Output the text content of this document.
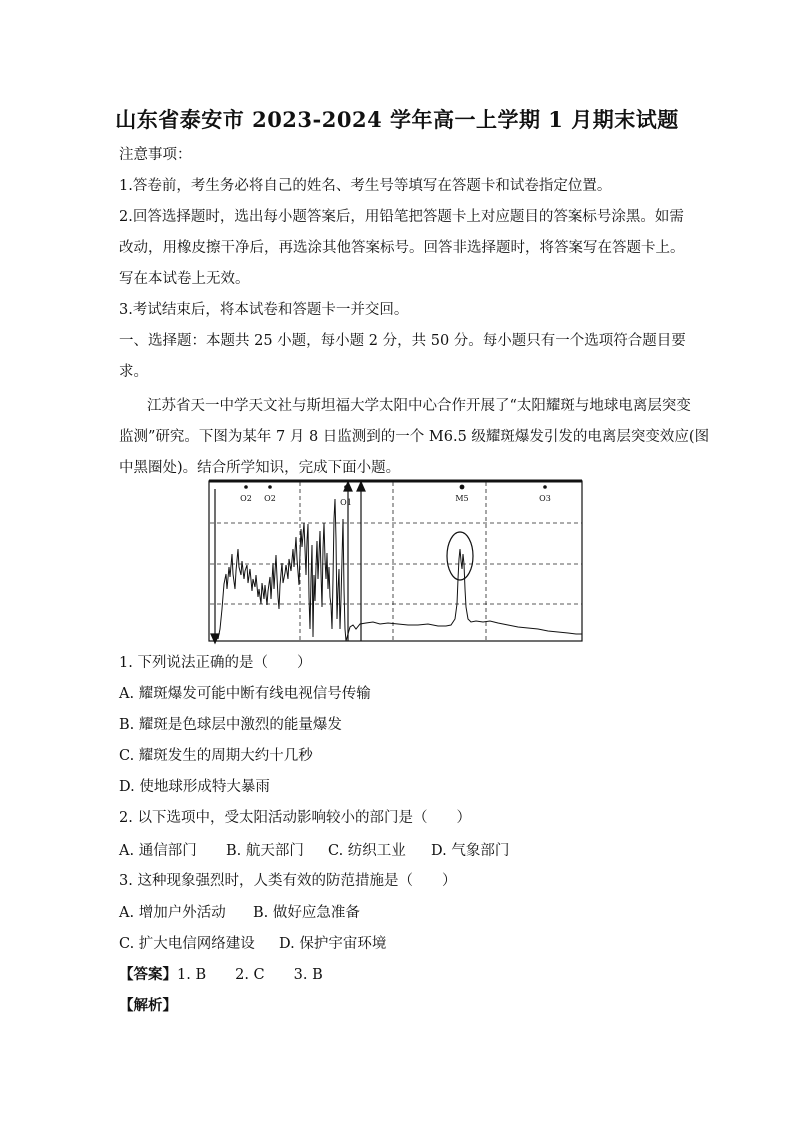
山东省泰安市 2023-2024 学年高一上学期 1 月期末试题
注意事项：
1.答卷前，考生务必将自己的姓名、考生号等填写在答题卡和试卷指定位置。
2.回答选择题时，选出每小题答案后，用铅笔把答题卡上对应题目的答案标号涂黑。如需
改动，用橡皮擦干净后，再选涂其他答案标号。回答非选择题时，将答案写在答题卡上。
写在本试卷上无效。
3.考试结束后，将本试卷和答题卡一并交回。
一、选择题：本题共 25 小题，每小题 2 分，共 50 分。每小题只有一个选项符合题目要
求。
江苏省天一中学天文社与斯坦福大学太阳中心合作开展了“太阳耀斑与地球电离层突变
监测”研究。下图为某年 7 月 8 日监测到的一个 M6.5 级耀斑爆发引发的电离层突变效应(图
中黑圈处)。结合所学知识，完成下面小题。
O2 O2	O1	M5	O3
1. 下列说法正确的是（　　）
A. 耀斑爆发可能中断有线电视信号传输
B. 耀斑是色球层中激烈的能量爆发
C. 耀斑发生的周期大约十几秒
D. 使地球形成特大暴雨
2. 以下选项中，受太阳活动影响较小的部门是（　　）
A. 通信部门 B. 航天部门 C. 纺织工业 D. 气象部门
3. 这种现象强烈时，人类有效的防范措施是（　　）
A. 增加户外活动 B. 做好应急准备
C. 扩大电信网络建设 D. 保护宇宙环境
【答案】1. B　　2. C　　3. B
【解析】
